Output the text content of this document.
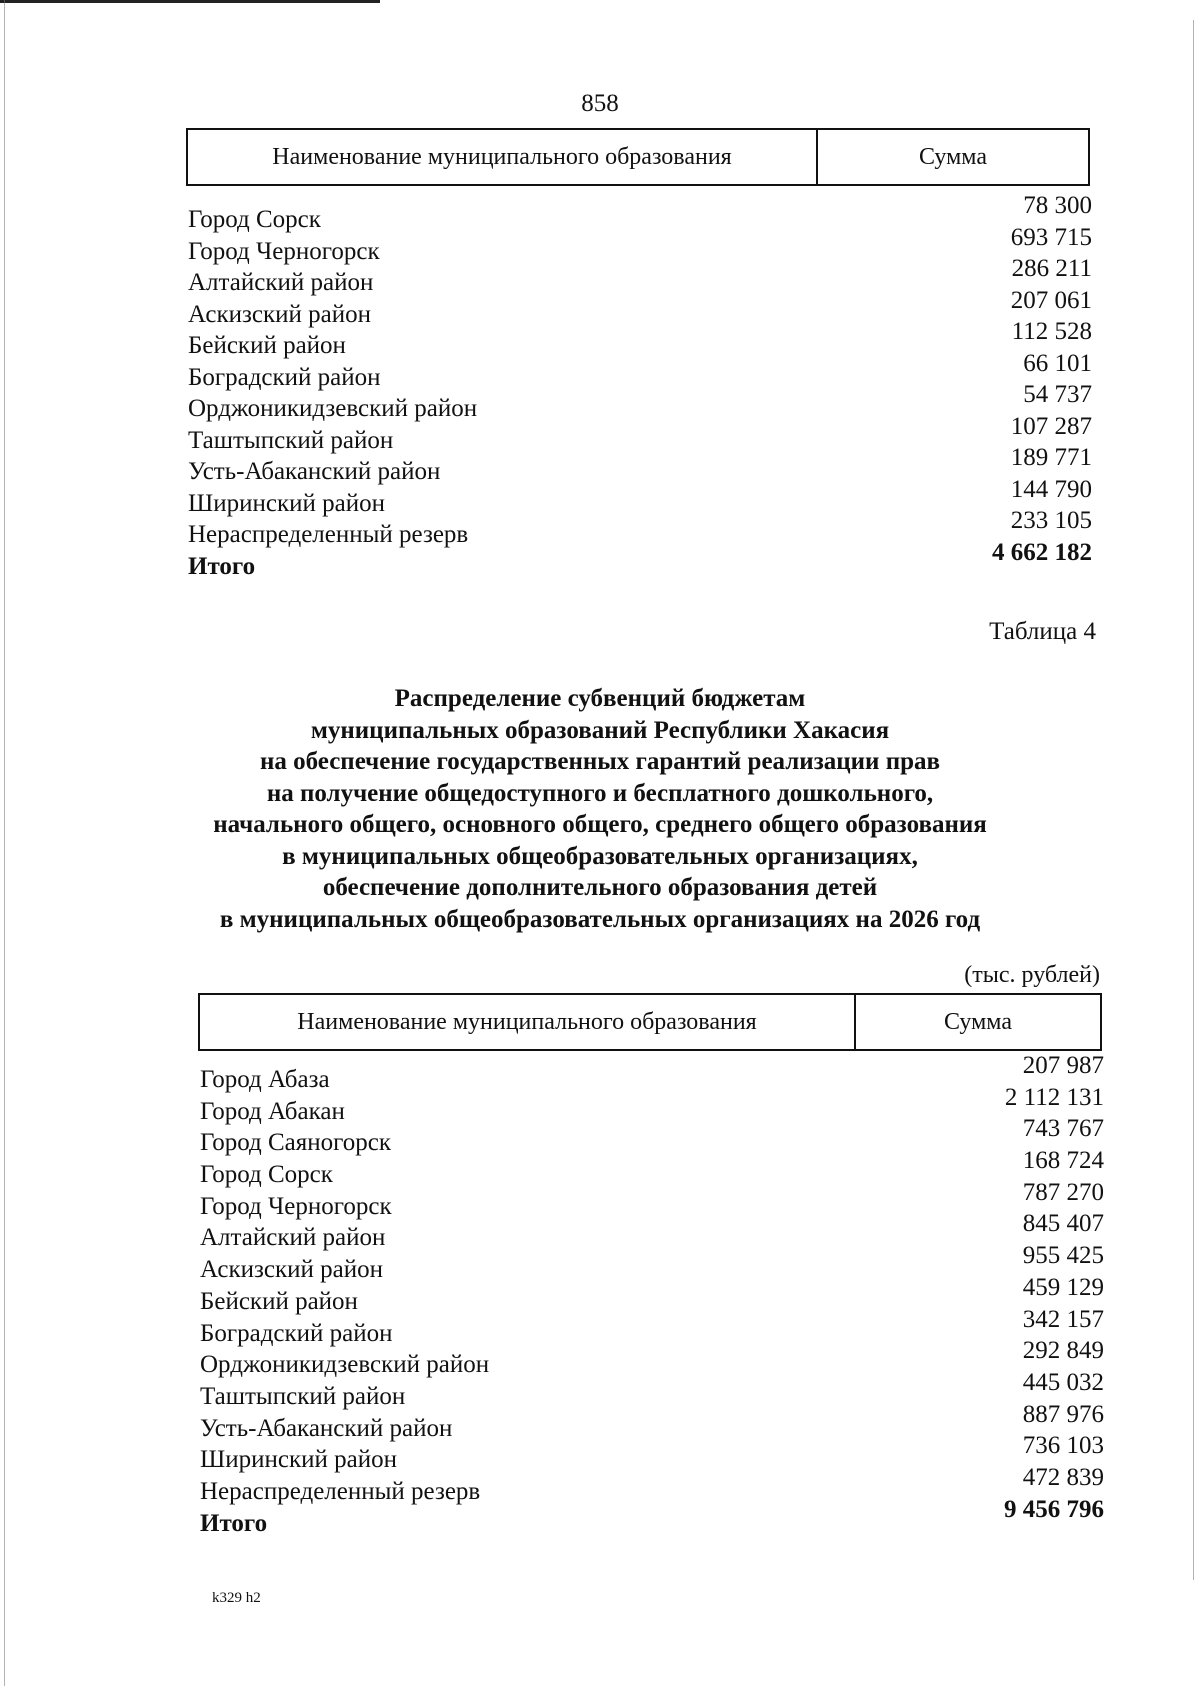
858
Наименование муниципального образования	Сумма
Город Сорск
78 300
Город Черногорск
693 715
Алтайский район
286 211
Аскизский район
207 061
Бейский район
112 528
Боградский район
66 101
Орджоникидзевский район
54 737
Таштыпский район
107 287
Усть-Абаканский район
189 771
Ширинский район
144 790
Нераспределенный резерв
233 105
Итого
4 662 182
Таблица 4
Распределение субвенций бюджетам
муниципальных образований Республики Хакасия
на обеспечение государственных гарантий реализации прав
на получение общедоступного и бесплатного дошкольного,
начального общего, основного общего, среднего общего образования
в муниципальных общеобразовательных организациях,
обеспечение дополнительного образования детей
в муниципальных общеобразовательных организациях на 2026 год
(тыс. рублей)
Наименование муниципального образования	Сумма
Город Абаза
207 987
Город Абакан
2 112 131
Город Саяногорск
743 767
Город Сорск
168 724
Город Черногорск
787 270
Алтайский район
845 407
Аскизский район
955 425
Бейский район
459 129
Боградский район
342 157
Орджоникидзевский район
292 849
Таштыпский район
445 032
Усть-Абаканский район
887 976
Ширинский район
736 103
Нераспределенный резерв
472 839
Итого
9 456 796
k329 h2
